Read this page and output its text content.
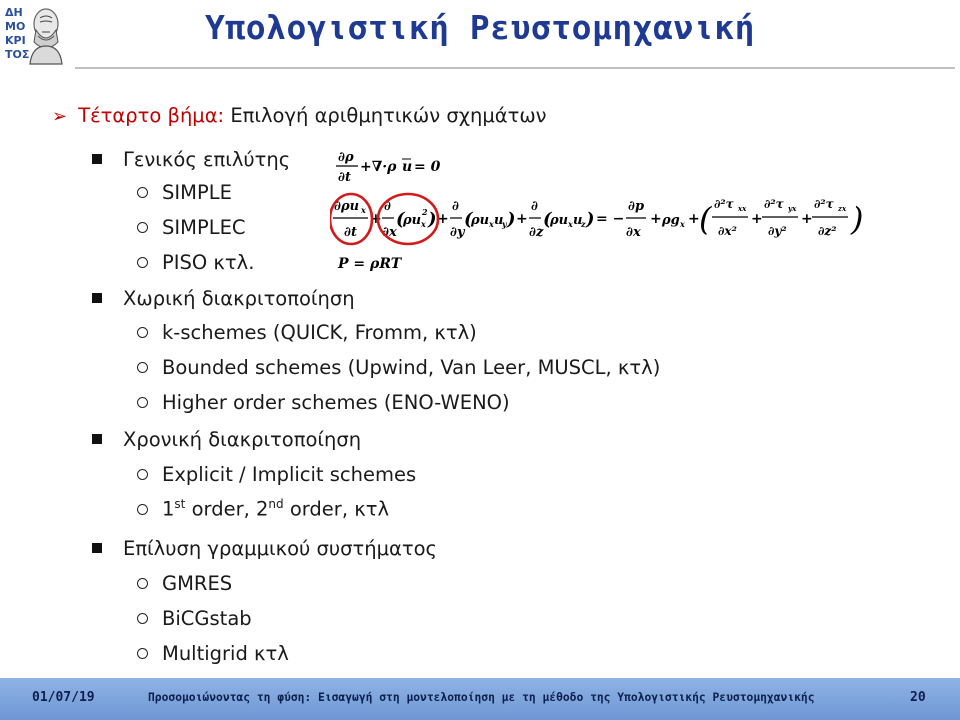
ΔΗ
ΜΟ
ΚΡΙ
ΤΟΣ
Υπολογιστική Ρευστομηχανική
➢ Τέταρτο βήμα: Επιλογή αριθμητικών σχημάτων
Γενικός επιλύτης
SIMPLE
SIMPLEC
PISO κτλ.
Χωρική διακριτοποίηση
k-schemes (QUICK, Fromm, κτλ)
Bounded schemes (Upwind, Van Leer, MUSCL, κτλ)
Higher order schemes (ENO-WENO)
Χρονική διακριτοποίηση
Explicit / Implicit schemes
1st order, 2nd order, κτλ
Επίλυση γραμμικού συστήματος
GMRES
BiCGstab
Multigrid κτλ
∂ρ
∂t
+∇·ρ u = 0
∂ρu x
∂t
+
∂
∂x
(
ρu x
2 ) +
∂
∂y
(
ρu x u
y ) +
∂
∂z
(
ρu x u
z ) = −
∂p
∂x
+ ρg x + ( ∂²τ xx
∂x²
+
∂²τ yx
∂y²
+
∂²τ zx
∂z² )
P = ρRT
01/07/19	Προσομοιώνοντας τη φύση: Εισαγωγή στη μοντελοποίηση με τη μέθοδο της Υπολογιστικής Ρευστομηχανικής	20
